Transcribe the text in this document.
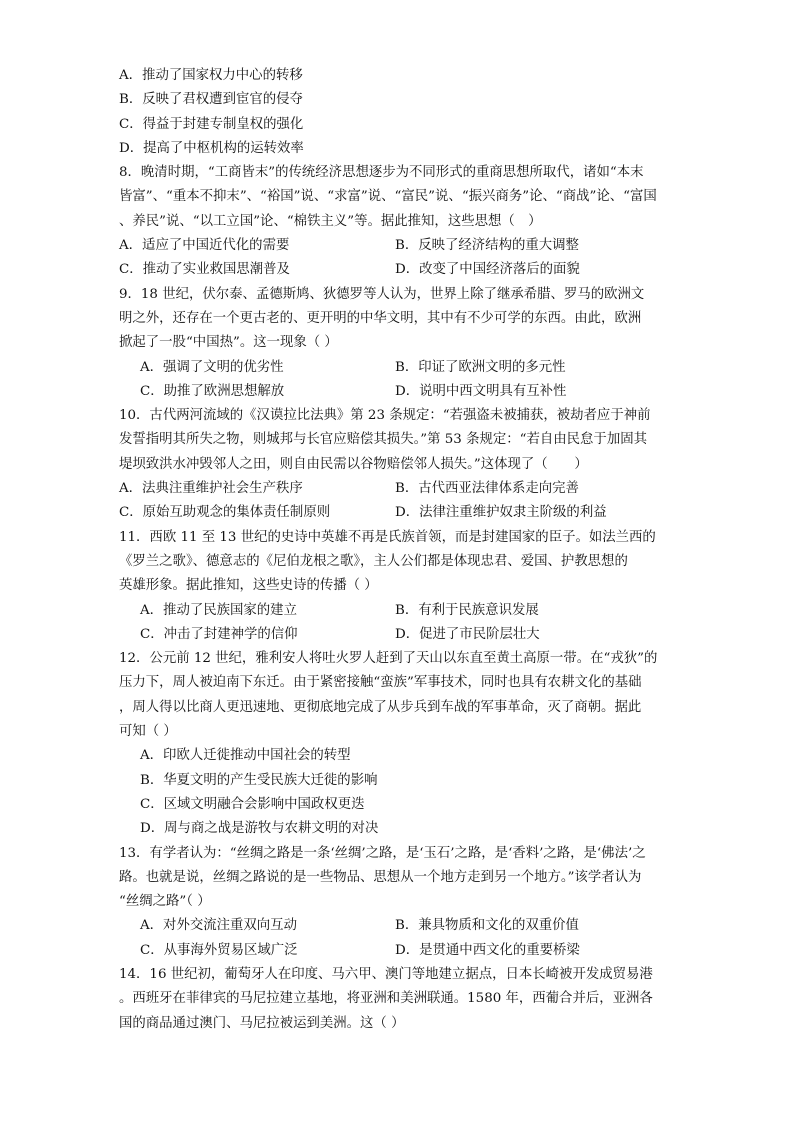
A．推动了国家权力中心的转移
B．反映了君权遭到宦官的侵夺
C．得益于封建专制皇权的强化
D．提高了中枢机构的运转效率
8．晚清时期，“工商皆末”的传统经济思想逐步为不同形式的重商思想所取代，诸如“本末
皆富”、“重本不抑末”、“裕国”说、“求富”说、“富民”说、“振兴商务”论、“商战”论、“富国
、养民”说、“以工立国”论、“棉铁主义”等。据此推知，这些思想（　）
A．适应了中国近代化的需要	B．反映了经济结构的重大调整
C．推动了实业救国思潮普及	D．改变了中国经济落后的面貌
9．18 世纪，伏尔泰、孟德斯鸠、狄德罗等人认为，世界上除了继承希腊、罗马的欧洲文
明之外，还存在一个更古老的、更开明的中华文明，其中有不少可学的东西。由此，欧洲
掀起了一股“中国热”。这一现象（ ）
A．强调了文明的优劣性	B．印证了欧洲文明的多元性
C．助推了欧洲思想解放	D．说明中西文明具有互补性
10．古代两河流域的《汉谟拉比法典》第 23 条规定：“若强盗未被捕获，被劫者应于神前
发誓指明其所失之物，则城邦与长官应赔偿其损失。”第 53 条规定：“若自由民怠于加固其
堤坝致洪水冲毁邻人之田，则自由民需以谷物赔偿邻人损失。”这体现了（　　）
A．法典注重维护社会生产秩序	B．古代西亚法律体系走向完善
C．原始互助观念的集体责任制原则	D．法律注重维护奴隶主阶级的利益
11．西欧 11 至 13 世纪的史诗中英雄不再是氏族首领，而是封建国家的臣子。如法兰西的
《罗兰之歌》、德意志的《尼伯龙根之歌》，主人公们都是体现忠君、爱国、护教思想的
英雄形象。据此推知，这些史诗的传播（ ）
A．推动了民族国家的建立	B．有利于民族意识发展
C．冲击了封建神学的信仰	D．促进了市民阶层壮大
12．公元前 12 世纪，雅利安人将吐火罗人赶到了天山以东直至黄土高原一带。在“戎狄”的
压力下，周人被迫南下东迁。由于紧密接触“蛮族”军事技术，同时也具有农耕文化的基础
，周人得以比商人更迅速地、更彻底地完成了从步兵到车战的军事革命，灭了商朝。据此
可知（ ）
A．印欧人迁徙推动中国社会的转型
B．华夏文明的产生受民族大迁徙的影响
C．区域文明融合会影响中国政权更迭
D．周与商之战是游牧与农耕文明的对决
13．有学者认为：“丝绸之路是一条‘丝绸’之路，是‘玉石’之路，是‘香料’之路，是‘佛法’之
路。也就是说，丝绸之路说的是一些物品、思想从一个地方走到另一个地方。”该学者认为
“丝绸之路”（ ）
A．对外交流注重双向互动	B．兼具物质和文化的双重价值
C．从事海外贸易区域广泛	D．是贯通中西文化的重要桥梁
14．16 世纪初，葡萄牙人在印度、马六甲、澳门等地建立据点，日本长崎被开发成贸易港
。西班牙在菲律宾的马尼拉建立基地，将亚洲和美洲联通。1580 年，西葡合并后，亚洲各
国的商品通过澳门、马尼拉被运到美洲。这（ ）
